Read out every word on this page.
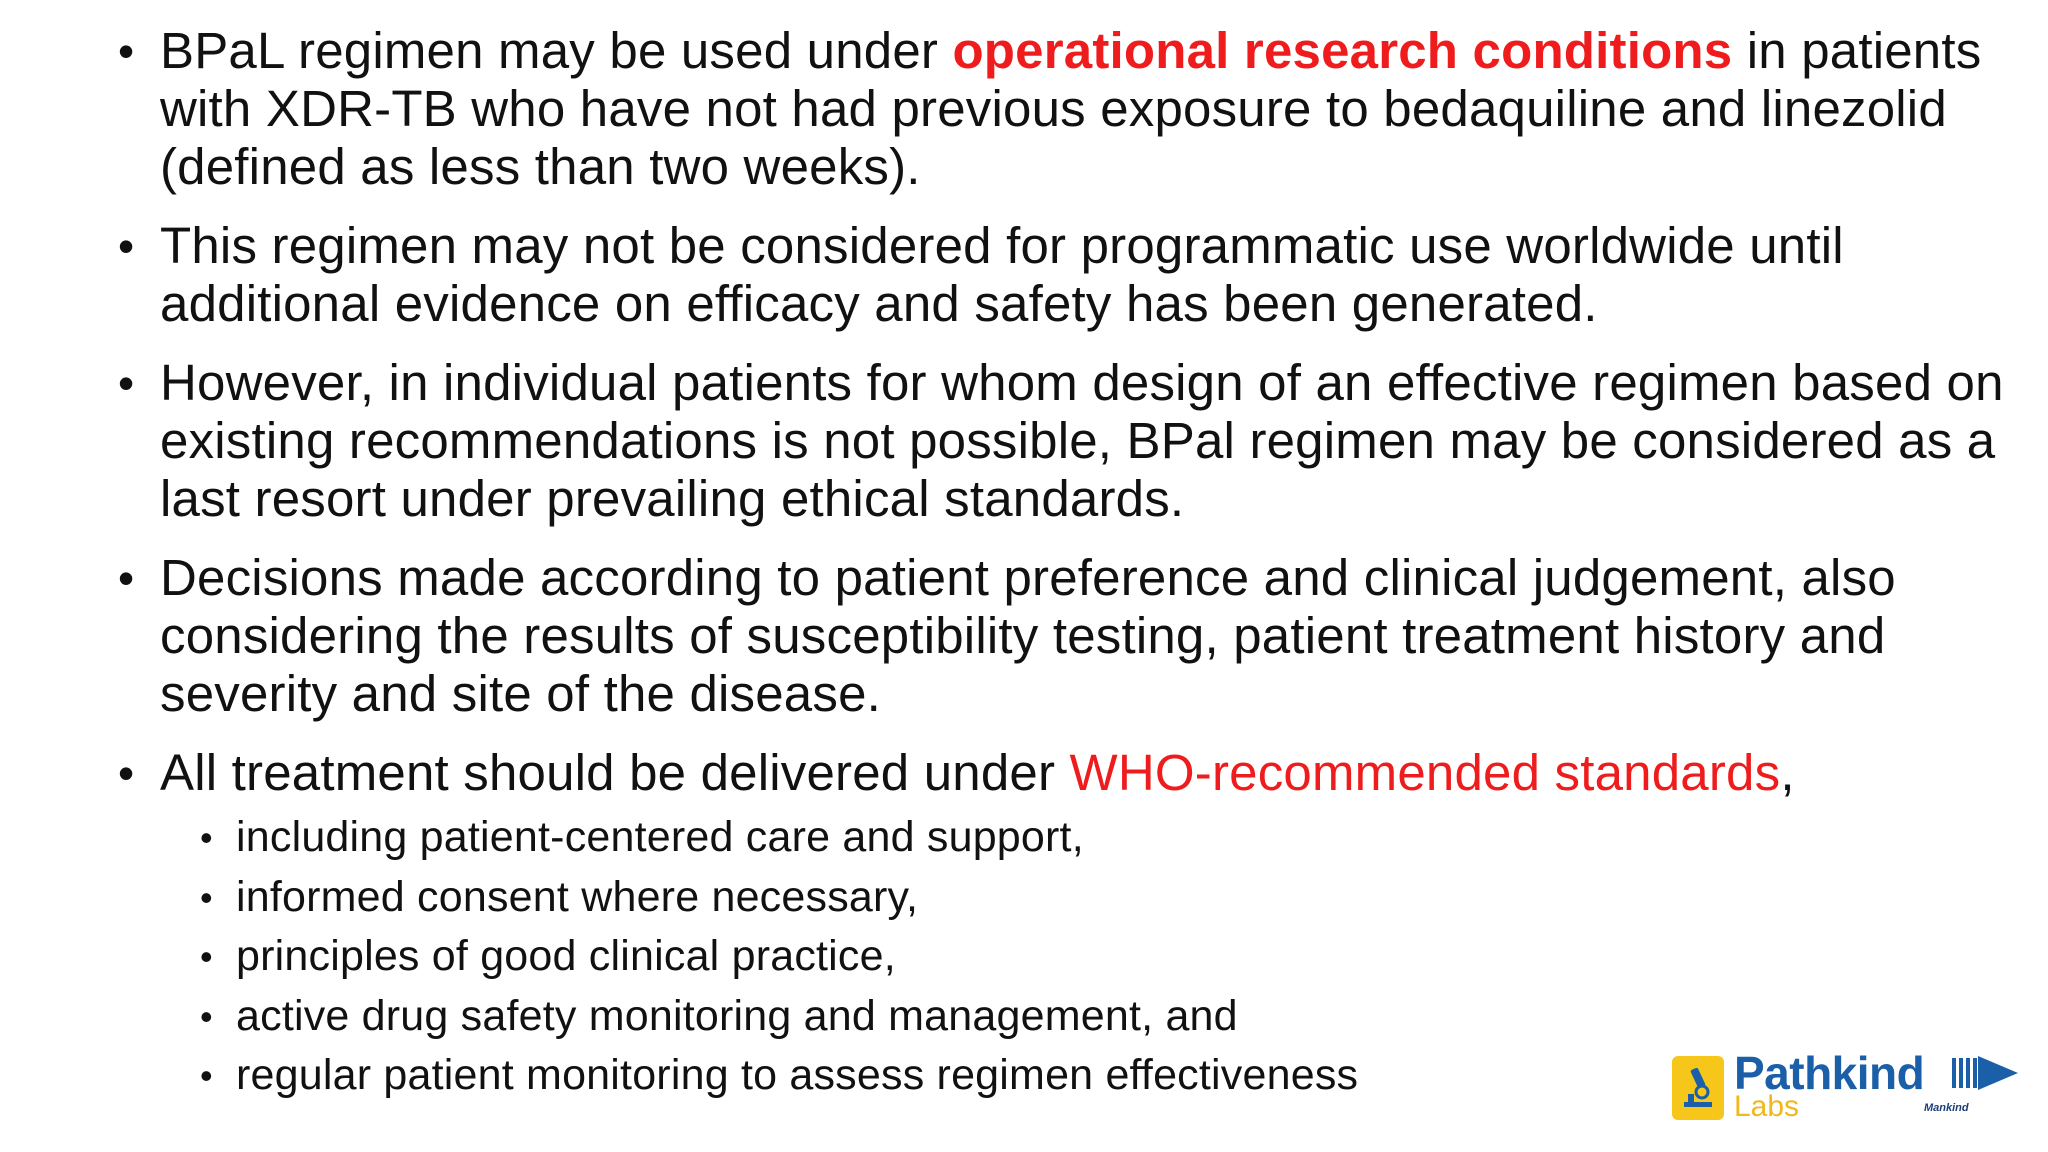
• BPaL regimen may be used under operational research conditions in patients with XDR-TB who have not had previous exposure to bedaquiline and linezolid (defined as less than two weeks).
• This regimen may not be considered for programmatic use worldwide until additional evidence on efficacy and safety has been generated.
• However, in individual patients for whom design of an effective regimen based on existing recommendations is not possible, BPal regimen may be considered as a last resort under prevailing ethical standards.
• Decisions made according to patient preference and clinical judgement, also considering the results of susceptibility testing, patient treatment history and severity and site of the disease.
• All treatment should be delivered under WHO-recommended standards,
• including patient-centered care and support,
• informed consent where necessary,
• principles of good clinical practice,
• active drug safety monitoring and management, and
• regular patient monitoring to assess regimen effectiveness	Pathkind
Labs	Mankind
